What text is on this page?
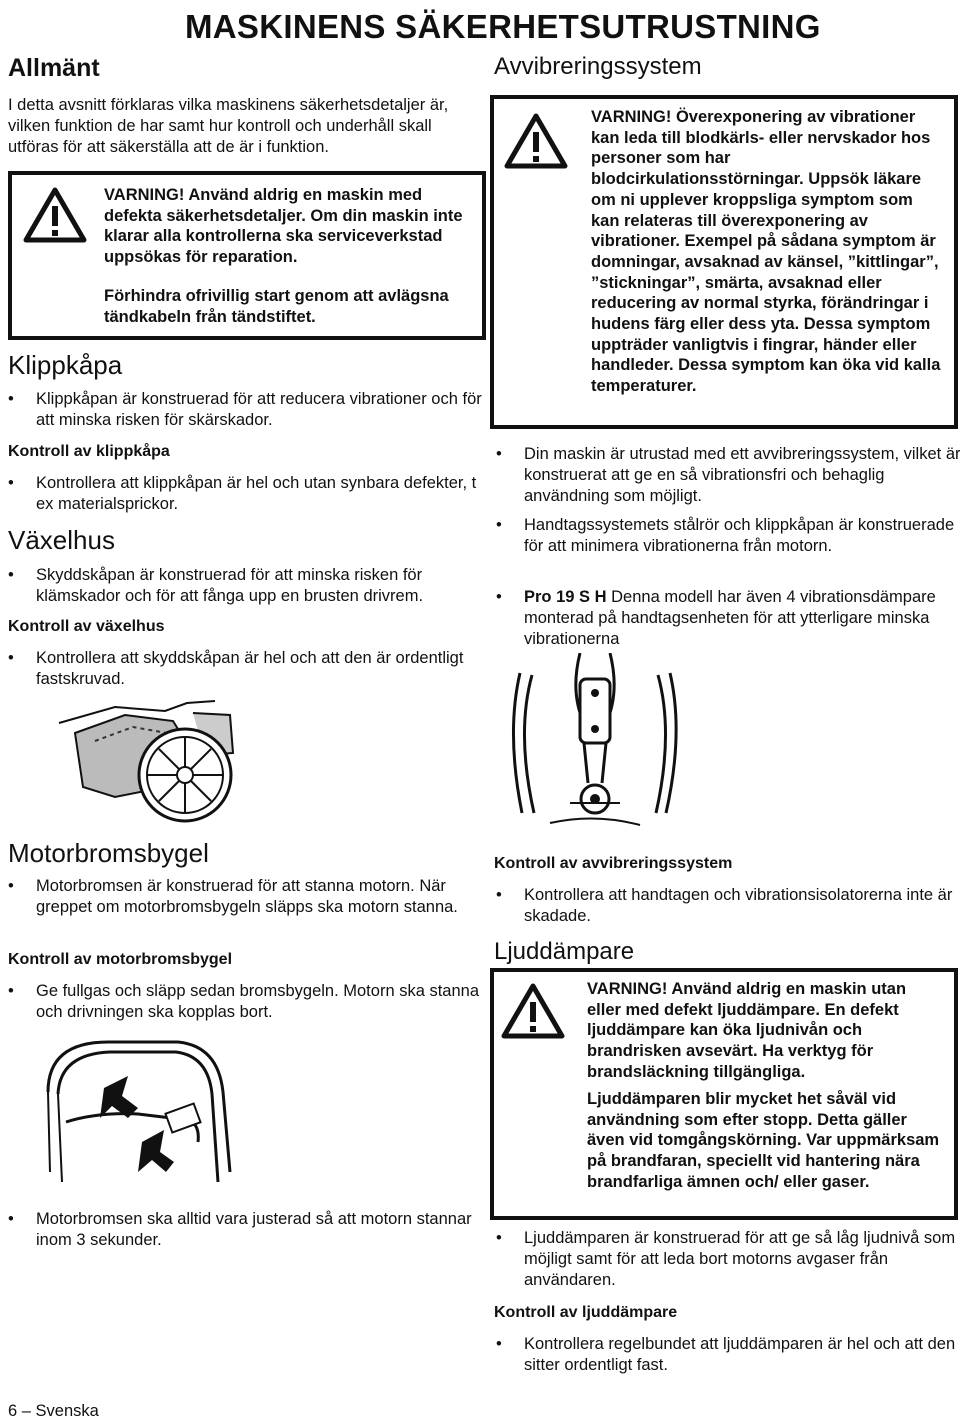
MASKINENS SÄKERHETSUTRUSTNING
Allmänt
I detta avsnitt förklaras vilka maskinens säkerhetsdetaljer är, vilken funktion de har samt hur kontroll och underhåll skall utföras för att säkerställa att de är i funktion.
VARNING! Använd aldrig en maskin med defekta säkerhetsdetaljer. Om din maskin inte klarar alla kontrollerna ska serviceverkstad uppsökas för reparation.
Förhindra ofrivillig start genom att avlägsna tändkabeln från tändstiftet.
Klippkåpa
• Klippkåpan är konstruerad för att reducera vibrationer och för att minska risken för skärskador.
Kontroll av klippkåpa
• Kontrollera att klippkåpan är hel och utan synbara defekter, t ex materialsprickor.
Växelhus
• Skyddskåpan är konstruerad för att minska risken för klämskador och för att fånga upp en brusten drivrem.
Kontroll av växelhus
• Kontrollera att skyddskåpan är hel och att den är ordentligt fastskruvad.
Motorbromsbygel
• Motorbromsen är konstruerad för att stanna motorn. När greppet om motorbromsbygeln släpps ska motorn stanna.
Kontroll av motorbromsbygel
• Ge fullgas och släpp sedan bromsbygeln. Motorn ska stanna och drivningen ska kopplas bort.
• Motorbromsen ska alltid vara justerad så att motorn stannar inom 3 sekunder.
Avvibreringssystem
VARNING! Överexponering av vibrationer kan leda till blodkärls- eller nervskador hos personer som har blodcirkulationsstörningar. Uppsök läkare om ni upplever kroppsliga symptom som kan relateras till överexponering av vibrationer. Exempel på sådana symptom är domningar, avsaknad av känsel, ”kittlingar”, ”stickningar”, smärta, avsaknad eller reducering av normal styrka, förändringar i hudens färg eller dess yta. Dessa symptom uppträder vanligtvis i fingrar, händer eller handleder. Dessa symptom kan öka vid kalla temperaturer.
• Din maskin är utrustad med ett avvibreringssystem, vilket är konstruerat att ge en så vibrationsfri och behaglig användning som möjligt.
• Handtagssystemets stålrör och klippkåpan är konstruerade för att minimera vibrationerna från motorn.
• Pro 19 S H Denna modell har även 4 vibrationsdämpare monterad på handtagsenheten för att ytterligare minska vibrationerna
Kontroll av avvibreringssystem
• Kontrollera att handtagen och vibrationsisolatorerna inte är skadade.
Ljuddämpare
VARNING! Använd aldrig en maskin utan eller med defekt ljuddämpare. En defekt ljuddämpare kan öka ljudnivån och brandrisken avsevärt. Ha verktyg för brandsläckning tillgängliga.
Ljuddämparen blir mycket het såväl vid användning som efter stopp. Detta gäller även vid tomgångskörning. Var uppmärksam på brandfaran, speciellt vid hantering nära brandfarliga ämnen och/ eller gaser.
• Ljuddämparen är konstruerad för att ge så låg ljudnivå som möjligt samt för att leda bort motorns avgaser från användaren.
Kontroll av ljuddämpare
• Kontrollera regelbundet att ljuddämparen är hel och att den sitter ordentligt fast.
6 – Svenska
